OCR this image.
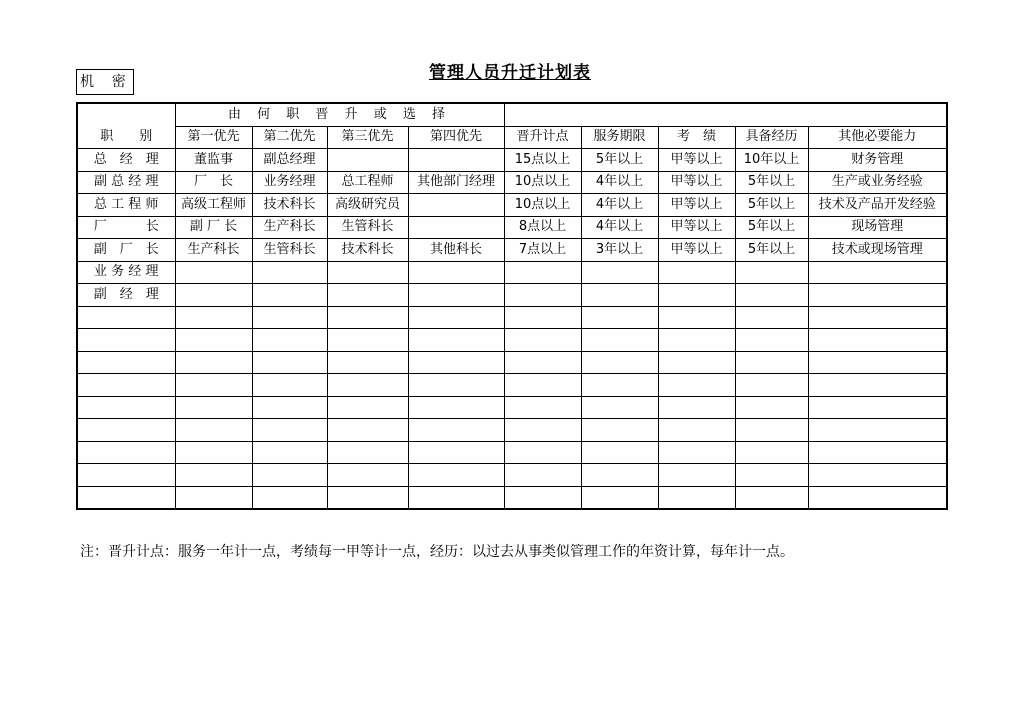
管理人员升迁计划表
机    密
	由 何 职 晋 升 或 选 择								
职　　别	第一优先	第二优先	第三优先	第四优先	晋升计点	服务期限	考　绩	具备经历	其他必要能力
总　经　理	董监事	副总经理			15点以上	5年以上	甲等以上	10年以上	财务管理
副 总 经 理	厂　长	业务经理	总工程师	其他部门经理	10点以上	4年以上	甲等以上	5年以上	生产或业务经验
总 工 程 师	高级工程师	技术科长	高级研究员		10点以上	4年以上	甲等以上	5年以上	技术及产品开发经验
厂　　　长	副 厂 长	生产科长	生管科长		8点以上	4年以上	甲等以上	5年以上	现场管理
副　厂　长	生产科长	生管科长	技术科长	其他科长	7点以上	3年以上	甲等以上	5年以上	技术或现场管理
业 务 经 理									
副　经　理									

注：晋升计点：服务一年计一点，考绩每一甲等计一点，经历：以过去从事类似管理工作的年资计算，每年计一点。
